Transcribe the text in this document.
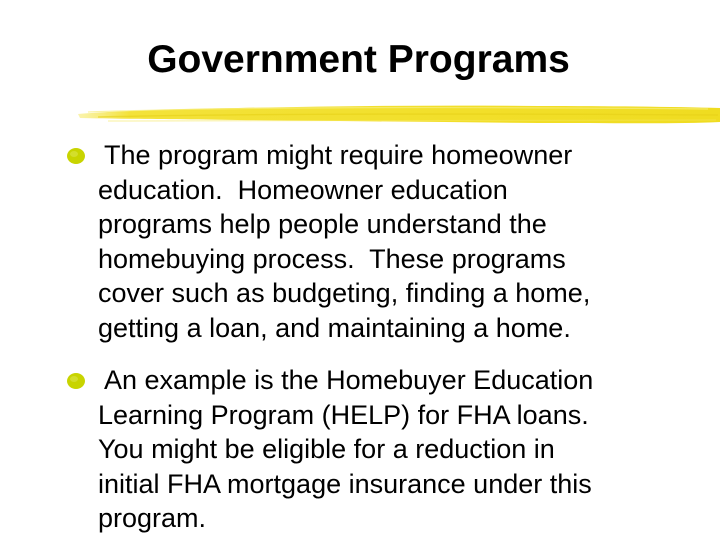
Government Programs
The program might require homeowner
education.  Homeowner education
programs help people understand the
homebuying process.  These programs
cover such as budgeting, finding a home,
getting a loan, and maintaining a home.
An example is the Homebuyer Education
Learning Program (HELP) for FHA loans.
You might be eligible for a reduction in
initial FHA mortgage insurance under this
program.
